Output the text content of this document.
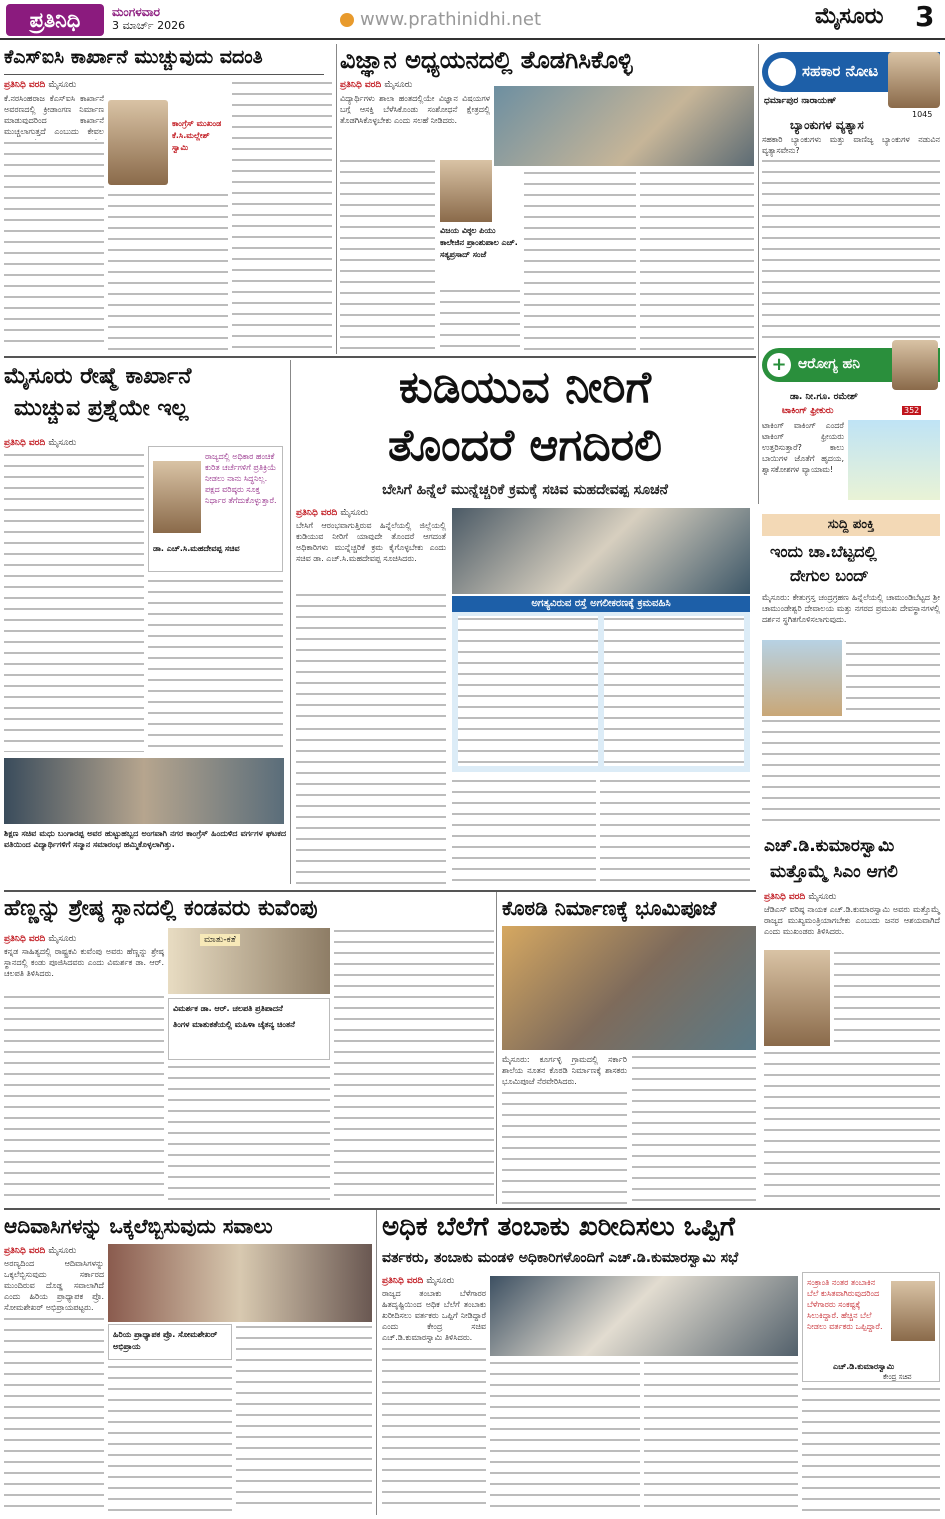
ಪ್ರತಿನಿಧಿ	ಮಂಗಳವಾರ
3 ಮಾರ್ಚ್ 2026	www.prathinidhi.net	ಮೈಸೂರು 3
ಕೆಎಸ್ಐಸಿ ಕಾರ್ಖಾನೆ ಮುಚ್ಚುವುದು ವದಂತಿ
ಪ್ರತಿನಿಧಿ ವರದಿ ಮೈಸೂರು
ಕೆ.ನರಸಿಂಹರಾಜ ಕೆಎಸ್ಐಸಿ ಕಾರ್ಖಾನೆ ಅವರಣದಲ್ಲಿ ಕ್ರೀಡಾಂಗಣ ನಿರ್ಮಾಣ ಮಾಡುವುದರಿಂದ ಕಾರ್ಖಾನೆ ಮುಚ್ಚಲಾಗುತ್ತದೆ ಎಂಬುದು ಕೇವಲ
ಕಾಂಗ್ರೆಸ್ ಮುಖಂಡ ಕೆ.ಸಿ.ಮಲ್ಲೇಶ್ ಸ್ವಾಮಿ
ವಿಜ್ಞಾನ ಅಧ್ಯಯನದಲ್ಲಿ ತೊಡಗಿಸಿಕೊಳ್ಳಿ
ಪ್ರತಿನಿಧಿ ವರದಿ ಮೈಸೂರು
ವಿದ್ಯಾರ್ಥಿಗಳು ಶಾಲಾ ಹಂತದಲ್ಲಿಯೇ ವಿಜ್ಞಾನ ವಿಷಯಗಳ ಬಗ್ಗೆ ಆಸಕ್ತಿ ಬೆಳೆಸಿಕೊಂಡು ಸಂಶೋಧನೆ ಕ್ಷೇತ್ರದಲ್ಲಿ ತೊಡಗಿಸಿಕೊಳ್ಳಬೇಕು ಎಂದು ಸಲಹೆ ನೀಡಿದರು.
ವಿಜಯ ವಿಠ್ಠಲ ಪಿಯು ಕಾಲೇಜಿನ ಪ್ರಾಂಶುಪಾಲ ಎಚ್. ಸತ್ಯಪ್ರಸಾದ್ ಸಂಜೆ
ಸಹಕಾರ ನೋಟ
ಧರ್ಮಾಪುರ ನಾರಾಯಣ್
1045
ಬ್ಯಾಂಕುಗಳ ವ್ಯತ್ಯಾಸ
ಸಹಕಾರಿ ಬ್ಯಾಂಕುಗಳು ಮತ್ತು ವಾಣಿಜ್ಯ ಬ್ಯಾಂಕುಗಳ ನಡುವಿನ ವ್ಯತ್ಯಾಸವೇನು?
+ ಆರೋಗ್ಯ ಹನಿ
ಡಾ. ನೀ.ಗೂ. ರಮೇಶ್
352
ಟಾಕಿಂಗ್ ಫ್ರೀಕುರು
ಟಾಕಿಂಗ್ ವಾಕಿಂಗ್ ಎಂದರೆ ಟಾಕಿಂಗ್ ಫ್ರೀಯರು ಉತ್ತರಿಸುತ್ತಾರೆ? ಕಾಲು ಬಾಯಿಗಳ ಜೊತೆಗೆ ಹೃದಯ, ಶ್ವಾಸಕೋಶಗಳ ವ್ಯಾಯಾಮ!
ಸುದ್ದಿ ಪಂಕ್ತಿ
ಇಂದು ಚಾ.ಬೆಟ್ಟದಲ್ಲಿ
ದೇಗುಲ ಬಂದ್
ಮೈಸೂರು: ಕೇತುಗ್ರಸ್ತ ಚಂದ್ರಗ್ರಹಣ ಹಿನ್ನೆಲೆಯಲ್ಲಿ ಚಾಮುಂಡಿಬೆಟ್ಟದ ಶ್ರೀ ಚಾಮುಂಡೇಶ್ವರಿ ದೇವಾಲಯ ಮತ್ತು ನಗರದ ಪ್ರಮುಖ ದೇವಸ್ಥಾನಗಳಲ್ಲಿ ದರ್ಶನ ಸ್ಥಗಿತಗೊಳಿಸಲಾಗುವುದು.
ಎಚ್.ಡಿ.ಕುಮಾರಸ್ವಾಮಿ
ಮತ್ತೊಮ್ಮೆ ಸಿಎಂ ಆಗಲಿ
ಪ್ರತಿನಿಧಿ ವರದಿ ಮೈಸೂರು
ಜೆಡಿಎಸ್ ವರಿಷ್ಠ ನಾಯಕ ಎಚ್.ಡಿ.ಕುಮಾರಸ್ವಾಮಿ ಅವರು ಮತ್ತೊಮ್ಮೆ ರಾಜ್ಯದ ಮುಖ್ಯಮಂತ್ರಿಯಾಗಬೇಕು ಎಂಬುದು ಜನರ ಆಶಯವಾಗಿದೆ ಎಂದು ಮುಖಂಡರು ತಿಳಿಸಿದರು.
ಮೈಸೂರು ರೇಷ್ಮೆ ಕಾರ್ಖಾನೆ
ಮುಚ್ಚುವ ಪ್ರಶ್ನೆಯೇ ಇಲ್ಲ
ಪ್ರತಿನಿಧಿ ವರದಿ ಮೈಸೂರು
ರಾಜ್ಯದಲ್ಲಿ ಅಧಿಕಾರ ಹಂಚಿಕೆ ಕುರಿತ ಚರ್ಚೆಗಳಿಗೆ ಪ್ರತಿಕ್ರಿಯೆ ನೀಡಲು ನಾನು ಸಿದ್ಧನಿಲ್ಲ. ಪಕ್ಷದ ವರಿಷ್ಠರು ಸೂಕ್ತ ನಿರ್ಧಾರ ತೆಗೆದುಕೊಳ್ಳುತ್ತಾರೆ.
ಡಾ. ಎಚ್.ಸಿ.ಮಹದೇವಪ್ಪ ಸಚಿವ
ಶಿಕ್ಷಣ ಸಚಿವ ಮಧು ಬಂಗಾರಪ್ಪ ಅವರ ಹುಟ್ಟುಹಬ್ಬದ ಅಂಗವಾಗಿ ನಗರ ಕಾಂಗ್ರೆಸ್ ಹಿಂದುಳಿದ ವರ್ಗಗಳ ಘಟಕದ ವತಿಯಿಂದ ವಿದ್ಯಾರ್ಥಿಗಳಿಗೆ ಸನ್ಮಾನ ಸಮಾರಂಭ ಹಮ್ಮಿಕೊಳ್ಳಲಾಗಿತ್ತು.
ಕುಡಿಯುವ ನೀರಿಗೆ
ತೊಂದರೆ ಆಗದಿರಲಿ
ಬೇಸಿಗೆ ಹಿನ್ನೆಲೆ ಮುನ್ನೆಚ್ಚರಿಕೆ ಕ್ರಮಕ್ಕೆ ಸಚಿವ ಮಹದೇವಪ್ಪ ಸೂಚನೆ
ಪ್ರತಿನಿಧಿ ವರದಿ ಮೈಸೂರು
ಬೇಸಿಗೆ ಆರಂಭವಾಗುತ್ತಿರುವ ಹಿನ್ನೆಲೆಯಲ್ಲಿ ಜಿಲ್ಲೆಯಲ್ಲಿ ಕುಡಿಯುವ ನೀರಿಗೆ ಯಾವುದೇ ತೊಂದರೆ ಆಗದಂತೆ ಅಧಿಕಾರಿಗಳು ಮುನ್ನೆಚ್ಚರಿಕೆ ಕ್ರಮ ಕೈಗೊಳ್ಳಬೇಕು ಎಂದು ಸಚಿವ ಡಾ. ಎಚ್.ಸಿ.ಮಹದೇವಪ್ಪ ಸೂಚಿಸಿದರು.
ಅಗತ್ಯವಿರುವ ರಸ್ತೆ ಅಗಲೀಕರಣಕ್ಕೆ ಕ್ರಮವಹಿಸಿ
ಹೆಣ್ಣನ್ನು ಶ್ರೇಷ್ಠ ಸ್ಥಾನದಲ್ಲಿ ಕಂಡವರು ಕುವೆಂಪು
ಪ್ರತಿನಿಧಿ ವರದಿ ಮೈಸೂರು
ಕನ್ನಡ ಸಾಹಿತ್ಯದಲ್ಲಿ ರಾಷ್ಟ್ರಕವಿ ಕುವೆಂಪು ಅವರು ಹೆಣ್ಣನ್ನು ಶ್ರೇಷ್ಠ ಸ್ಥಾನದಲ್ಲಿ ಕಂಡು ಪೂಜಿಸಿದವರು ಎಂದು ವಿಮರ್ಶಕ ಡಾ. ಆರ್. ಚಲಪತಿ ತಿಳಿಸಿದರು.
ಮಾತು-ಕತೆ
ವಿಮರ್ಶಕ ಡಾ. ಆರ್. ಚಲಪತಿ ಪ್ರತಿಪಾದನೆ
ತಿಂಗಳ ಮಾತುಕತೆಯಲ್ಲಿ ಮಹಿಳಾ ಚೈತನ್ಯ ಚಿಂತನೆ
ಕೊಠಡಿ ನಿರ್ಮಾಣಕ್ಕೆ ಭೂಮಿಪೂಜೆ
ಮೈಸೂರು: ಕೂರ್ಗಳ್ಳಿ ಗ್ರಾಮದಲ್ಲಿ ಸರ್ಕಾರಿ ಶಾಲೆಯ ನೂತನ ಕೊಠಡಿ ನಿರ್ಮಾಣಕ್ಕೆ ಶಾಸಕರು ಭೂಮಿಪೂಜೆ ನೆರವೇರಿಸಿದರು.
ಆದಿವಾಸಿಗಳನ್ನು ಒಕ್ಕಲೆಬ್ಬಿಸುವುದು ಸವಾಲು
ಪ್ರತಿನಿಧಿ ವರದಿ ಮೈಸೂರು
ಅರಣ್ಯದಿಂದ ಆದಿವಾಸಿಗಳನ್ನು ಒಕ್ಕಲೆಬ್ಬಿಸುವುದು ಸರ್ಕಾರದ ಮುಂದಿರುವ ದೊಡ್ಡ ಸವಾಲಾಗಿದೆ ಎಂದು ಹಿರಿಯ ಪ್ರಾಧ್ಯಾಪಕ ಪ್ರೊ. ಸೋಮಶೇಖರ್ ಅಭಿಪ್ರಾಯಪಟ್ಟರು.
ಹಿರಿಯ ಪ್ರಾಧ್ಯಾಪಕ ಪ್ರೊ. ಸೋಮಶೇಖರ್ ಅಭಿಪ್ರಾಯ
ಅಧಿಕ ಬೆಲೆಗೆ ತಂಬಾಕು ಖರೀದಿಸಲು ಒಪ್ಪಿಗೆ
ವರ್ತಕರು, ತಂಬಾಕು ಮಂಡಳಿ ಅಧಿಕಾರಿಗಳೊಂದಿಗೆ ಎಚ್.ಡಿ.ಕುಮಾರಸ್ವಾಮಿ ಸಭೆ
ಪ್ರತಿನಿಧಿ ವರದಿ ಮೈಸೂರು
ರಾಜ್ಯದ ತಂಬಾಕು ಬೆಳೆಗಾರರ ಹಿತದೃಷ್ಟಿಯಿಂದ ಅಧಿಕ ಬೆಲೆಗೆ ತಂಬಾಕು ಖರೀದಿಸಲು ವರ್ತಕರು ಒಪ್ಪಿಗೆ ನೀಡಿದ್ದಾರೆ ಎಂದು ಕೇಂದ್ರ ಸಚಿವ ಎಚ್.ಡಿ.ಕುಮಾರಸ್ವಾಮಿ ತಿಳಿಸಿದರು.
ಸಂಕ್ರಾಂತಿ ನಂತರ ತಂಬಾಕಿನ ಬೆಲೆ ಕುಸಿತವಾಗಿರುವುದರಿಂದ ಬೆಳೆಗಾರರು ಸಂಕಷ್ಟಕ್ಕೆ ಸಿಲುಕಿದ್ದಾರೆ. ಹೆಚ್ಚಿನ ಬೆಲೆ ನೀಡಲು ವರ್ತಕರು ಒಪ್ಪಿದ್ದಾರೆ.
ಎಚ್.ಡಿ.ಕುಮಾರಸ್ವಾಮಿ
ಕೇಂದ್ರ ಸಚಿವ
